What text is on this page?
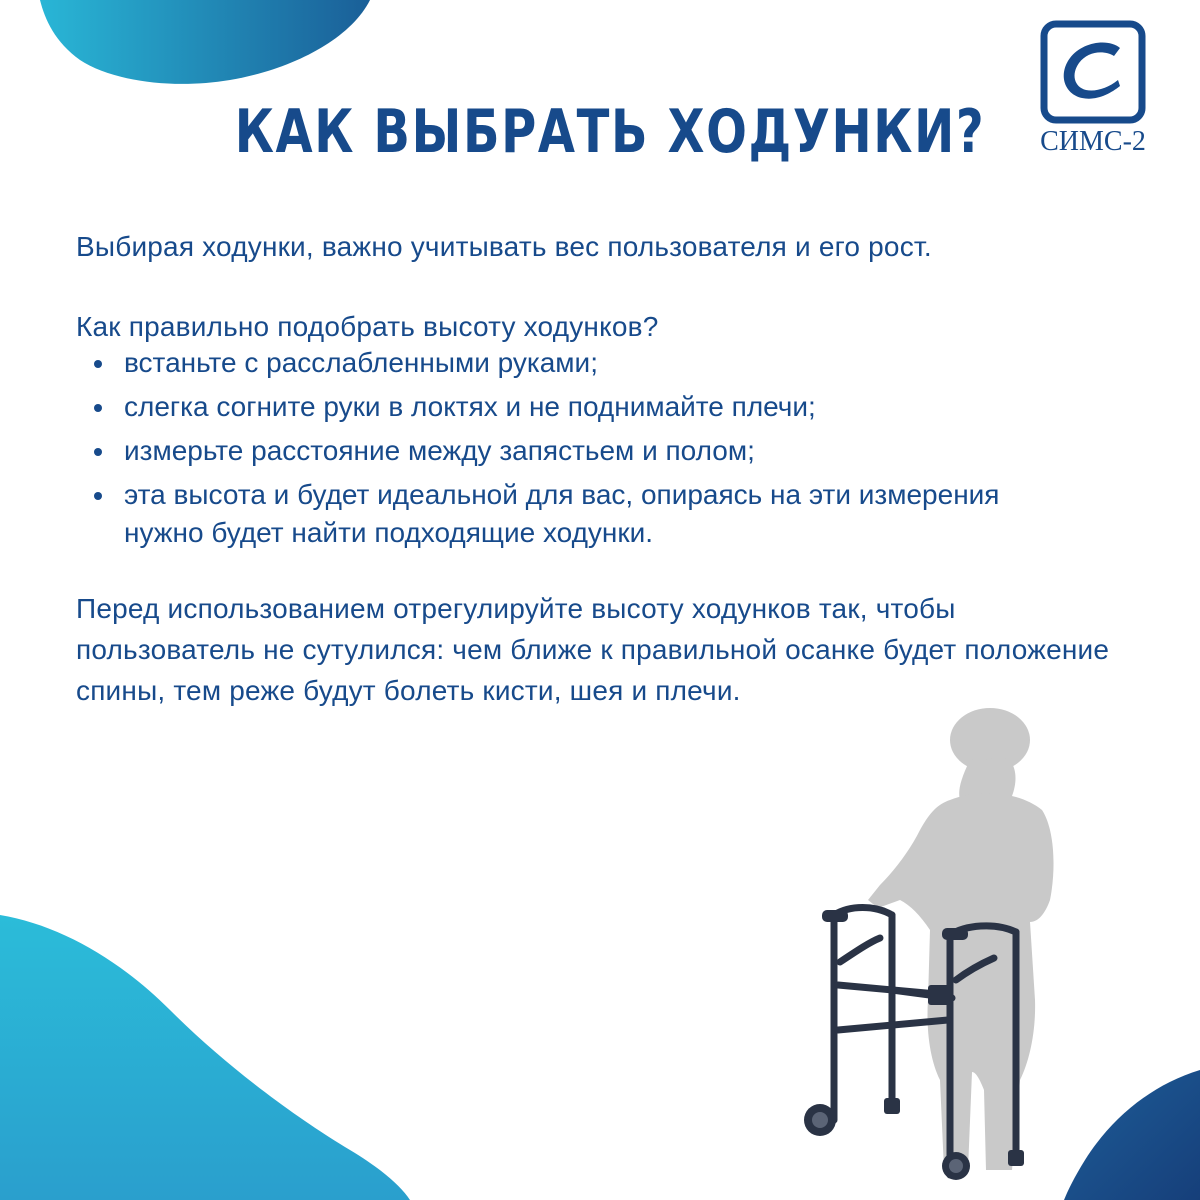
КАК ВЫБРАТЬ ХОДУНКИ?	СИМС-2
Выбирая ходунки, важно учитывать вес пользователя и его рост.
Как правильно подобрать высоту ходунков?
встаньте с расслабленными руками;
слегка согните руки в локтях и не поднимайте плечи;
измерьте расстояние между запястьем и полом;
эта высота и будет идеальной для вас, опираясь на эти измерения нужно будет найти подходящие ходунки.
Перед использованием отрегулируйте высоту ходунков так, чтобы пользователь не сутулился: чем ближе к правильной осанке будет положение спины, тем реже будут болеть кисти, шея и плечи.
